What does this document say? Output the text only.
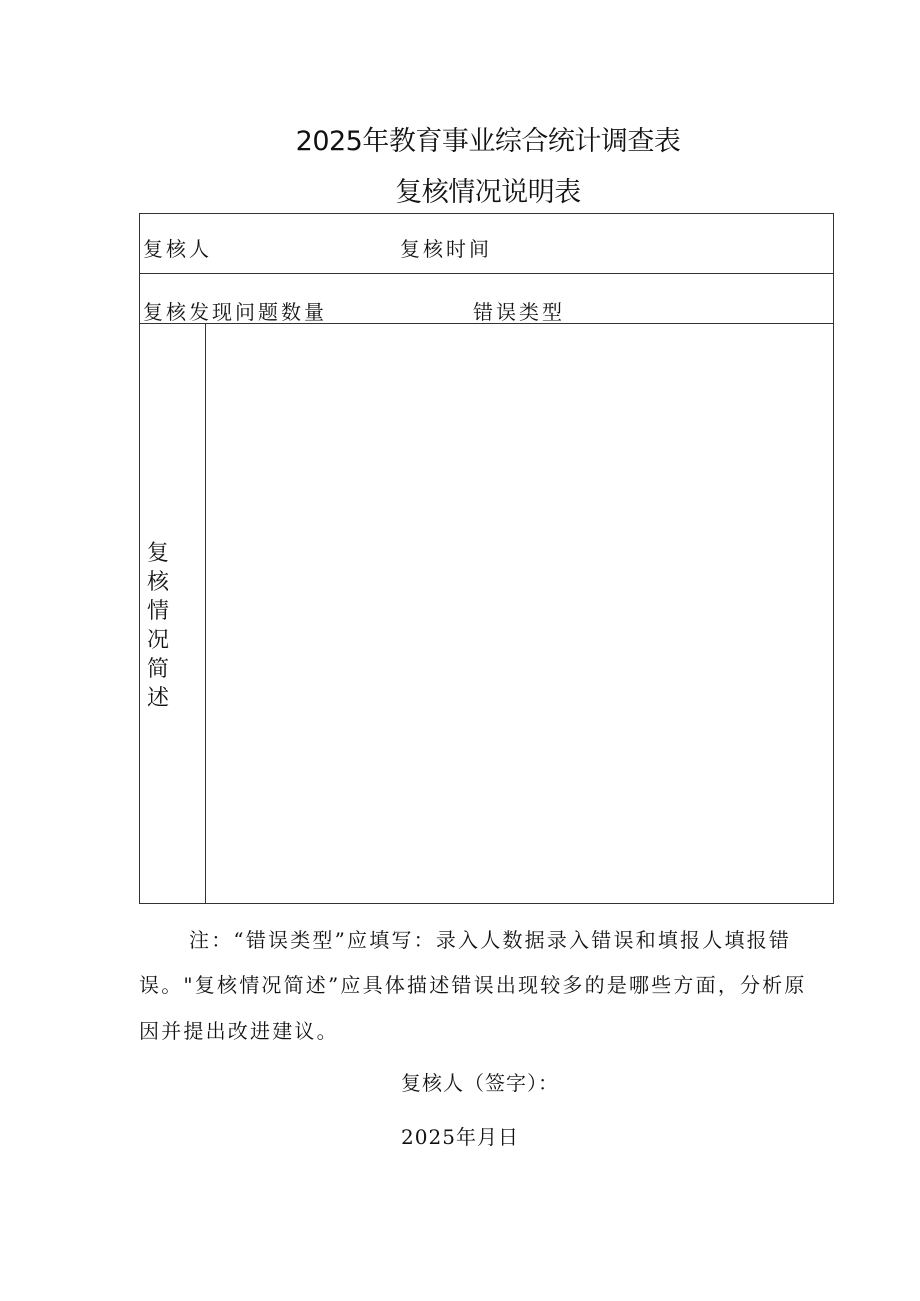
2025年教育事业综合统计调查表
复核情况说明表
复核人	复核时间
复核发现问题数量	错误类型
复
核
情
况
简
述
注：“错误类型”应填写：录入人数据录入错误和填报人填报错
误。"复核情况简述”应具体描述错误出现较多的是哪些方面，分析原
因并提出改进建议。
复核人（签字）：
2025年月日
